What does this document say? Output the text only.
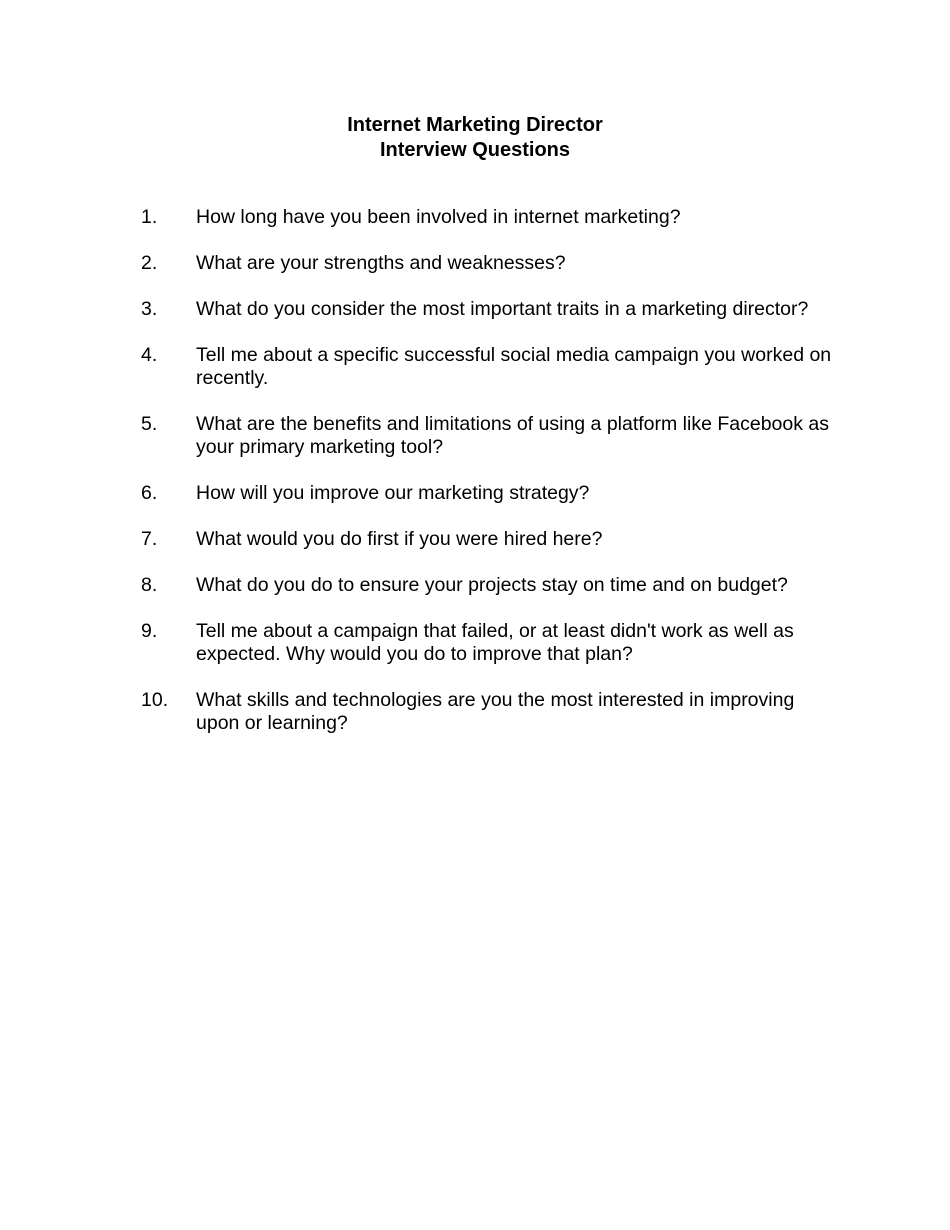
Internet Marketing Director
Interview Questions
1.	How long have you been involved in internet marketing?
2.	What are your strengths and weaknesses?
3.	What do you consider the most important traits in a marketing director?
4.	Tell me about a specific successful social media campaign you worked on recently.
5.	What are the benefits and limitations of using a platform like Facebook as your primary marketing tool?
6.	How will you improve our marketing strategy?
7.	What would you do first if you were hired here?
8.	What do you do to ensure your projects stay on time and on budget?
9.	Tell me about a campaign that failed, or at least didn't work as well as expected. Why would you do to improve that plan?
10.	What skills and technologies are you the most interested in improving upon or learning?
